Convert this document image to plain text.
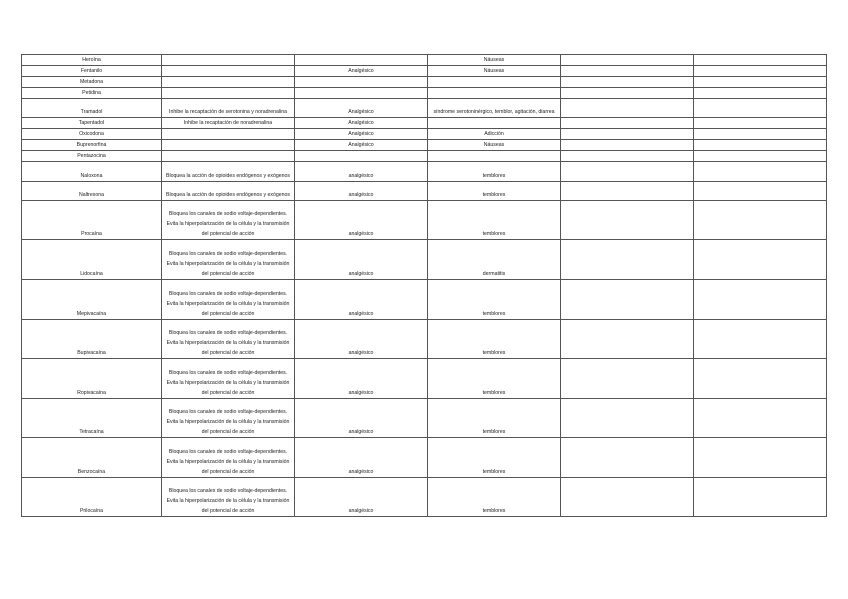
Heroína			Náuseas		
Fentanilo		Analgésico	Náuseas		
Metadona					
Petidina					
Tramadol	Inhibe la recaptación de serotonina y noradrenalina	Analgésico	síndrome serotoninérgico, temblor, agitación, diarrea		
Tapentadol	Inhibe la recaptación de noradrenalina	Analgésico			
Oxicodona		Analgésico	Adicción		
Buprenorfina		Analgésico	Náuseas		
Pentazocina					
Naloxona	Bloquea la acción de opioides endógenos y exógenos	analgésico	temblores		
Naltrexona	Bloquea la acción de opioides endógenos y exógenos	analgésico	temblores		
Procaína	Bloquea los canales de sodio voltaje-dependientes. Evita la hiperpolarización de la célula y la transmisión del potencial de acción	analgésico	temblores		
Lidocaína	Bloquea los canales de sodio voltaje-dependientes. Evita la hiperpolarización de la célula y la transmisión del potencial de acción	analgésico	dermatitis		
Mepivacaína	Bloquea los canales de sodio voltaje-dependientes. Evita la hiperpolarización de la célula y la transmisión del potencial de acción	analgésico	temblores		
Bupivacaína	Bloquea los canales de sodio voltaje-dependientes. Evita la hiperpolarización de la célula y la transmisión del potencial de acción	analgésico	temblores		
Ropivacaína	Bloquea los canales de sodio voltaje-dependientes. Evita la hiperpolarización de la célula y la transmisión del potencial de acción	analgésico	temblores		
Tetracaína	Bloquea los canales de sodio voltaje-dependientes. Evita la hiperpolarización de la célula y la transmisión del potencial de acción	analgésico	temblores		
Benzocaína	Bloquea los canales de sodio voltaje-dependientes. Evita la hiperpolarización de la célula y la transmisión del potencial de acción	analgésico	temblores		
Prilocaína	Bloquea los canales de sodio voltaje-dependientes. Evita la hiperpolarización de la célula y la transmisión del potencial de acción	analgésico	temblores		
